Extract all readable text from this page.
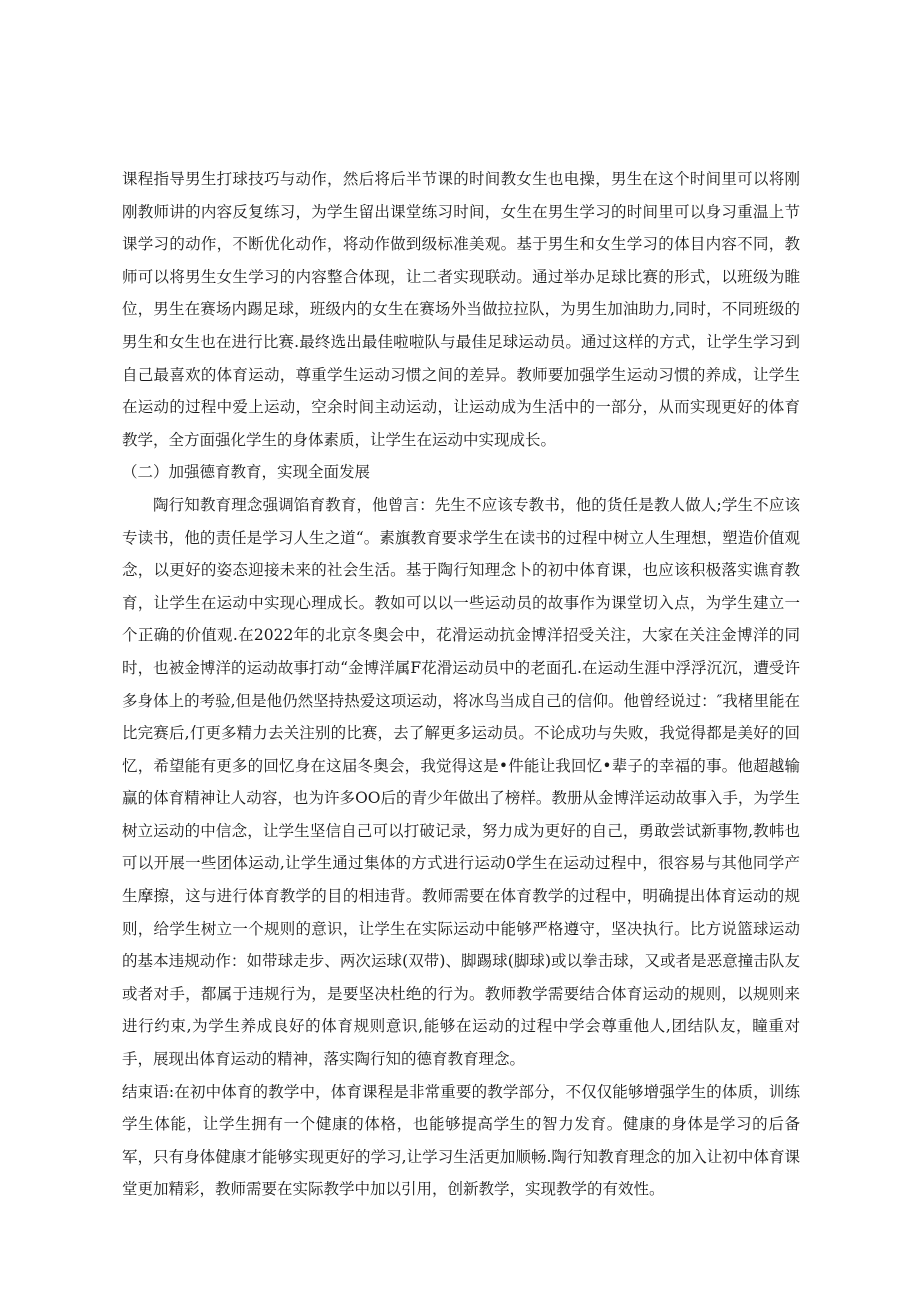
课程指导男生打球技巧与动作，然后将后半节课的时间教女生也电操，男生在这个时间里可以将刚刚教师讲的内容反复练习，为学生留出课堂练习时间，女生在男生学习的时间里可以身习重温上节课学习的动作，不断优化动作，将动作做到级标准美观。基于男生和女生学习的体目内容不同，教师可以将男生女生学习的内容整合体现，让二者实现联动。通过举办足球比赛的形式，以班级为睢位，男生在赛场内踢足球，班级内的女生在赛场外当做拉拉队，为男生加油助力,同时，不同班级的男生和女生也在进行比赛.最终选出最佳啦啦队与最佳足球运动员。通过这样的方式，让学生学习到自己最喜欢的体育运动，尊重学生运动习惯之间的差异。教师要加强学生运动习惯的养成，让学生在运动的过程中爱上运动，空余时间主动运动，让运动成为生活中的一部分，从而实现更好的体育教学，全方面强化学生的身体素质，让学生在运动中实现成长。

（二）加强德育教育，实现全面发展

陶行知教育理念强调馅育教育，他曾言：先生不应该专教书，他的货任是教人做人;学生不应该专读书，他的责任是学习人生之道“。素旗教育要求学生在读书的过程中树立人生理想，塑造价值观念，以更好的姿态迎接未来的社会生活。基于陶行知理念卜的初中体育课，也应该积极落实谯育教育，让学生在运动中实现心理成长。教如可以以一些运动员的故事作为课堂切入点，为学生建立一个正确的价值观.在2022年的北京冬奥会中，花滑运动抗金博洋招受关注，大家在关注金博洋的同时，也被金博洋的运动故事打动“金博洋属F花滑运动员中的老面孔.在运动生涯中浮浮沉沉，遭受许多身体上的考验,但是他仍然坚持热爱这项运动，将冰鸟当成自己的信仰。他曾经说过：″我楮里能在比完赛后,仃更多精力去关注别的比赛，去了解更多运动员。不论成功与失败，我觉得都是美好的回忆，希望能有更多的回忆身在这届冬奥会，我觉得这是•件能让我回忆•辈子的幸福的事。他超越输赢的体育精神让人动容，也为许多OO后的青少年做出了榜样。教册从金博洋运动故事入手，为学生树立运动的中信念，让学生坚信自己可以打破记录，努力成为更好的自己，勇敢尝试新事物,教帏也可以开展一些团体运动,让学生通过集体的方式进行运动0学生在运动过程中，很容易与其他同学产生摩擦，这与进行体育教学的目的相违背。教师需要在体育教学的过程中，明确提出体育运动的规则，给学生树立一个规则的意识，让学生在实际运动中能够严格遵守，坚决执行。比方说篮球运动的基本违规动作：如带球走步、两次运球(双带)、脚踢球(脚球)或以拳击球，又或者是恶意撞击队友或者对手，都属于违规行为，是要坚决杜绝的行为。教师教学需要结合体育运动的规则，以规则来进行约束,为学生养成良好的体育规则意识,能够在运动的过程中学会尊重他人,团结队友，瞳重对手，展现出体育运动的精神，落实陶行知的德育教育理念。

结束语:在初中体育的教学中，体育课程是非常重要的教学部分，不仅仅能够增强学生的体质，训练学生体能，让学生拥有一个健康的体格，也能够提高学生的智力发育。健康的身体是学习的后备军，只有身体健康才能够实现更好的学习,让学习生活更加顺畅.陶行知教育理念的加入让初中体育课堂更加精彩，教师需要在实际教学中加以引用，创新教学，实现教学的有效性。
